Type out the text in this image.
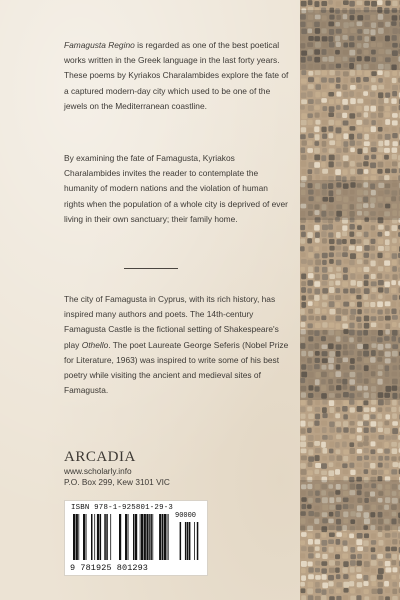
Famagusta Regino is regarded as one of the best poetical works written in the Greek language in the last forty years. These poems by Kyriakos Charalambides explore the fate of a captured modern-day city which used to be one of the jewels on the Mediterranean coastline.
By examining the fate of Famagusta, Kyriakos Charalambides invites the reader to contemplate the humanity of modern nations and the violation of human rights when the population of a whole city is deprived of ever living in their own sanctuary; their family home.
The city of Famagusta in Cyprus, with its rich history, has inspired many authors and poets. The 14th-century Famagusta Castle is the fictional setting of Shakespeare's play Othello. The poet Laureate George Seferis (Nobel Prize for Literature, 1963) was inspired to write some of his best poetry while visiting the ancient and medieval sites of Famagusta.
ARCADIA
www.scholarly.info
P.O. Box 299, Kew 3101 VIC
ISBN 978-1-925801-29-3
90000
9 781925 801293
